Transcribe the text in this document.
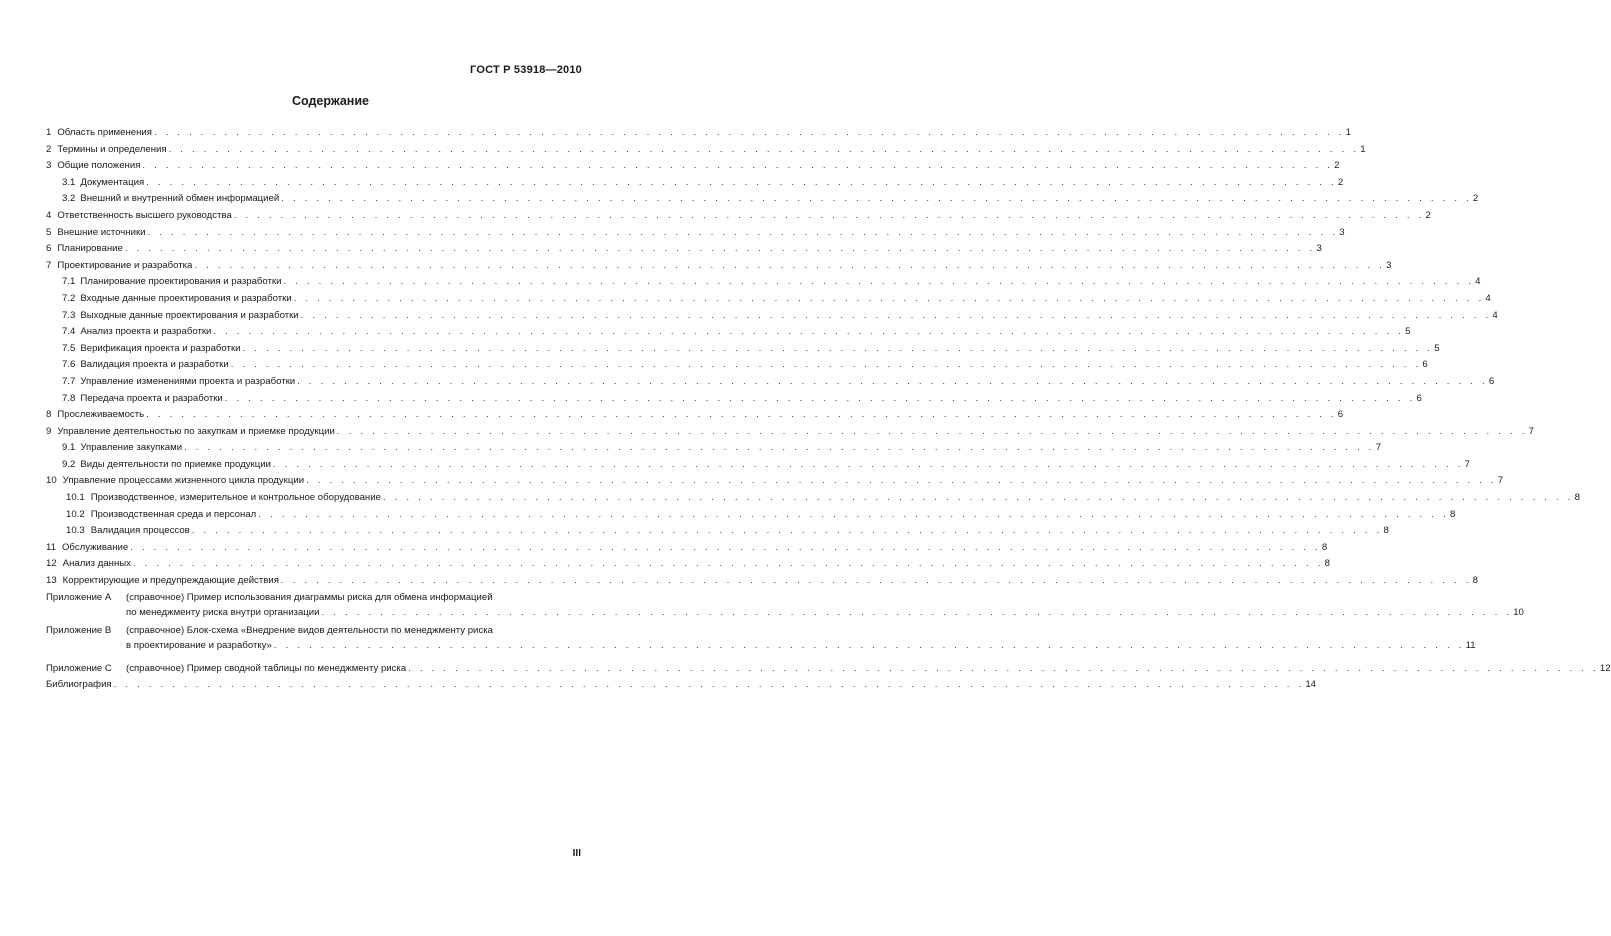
ГОСТ Р 53918—2010
Содержание
1 Область применения . . .	1
2 Термины и определения . . .	1
3 Общие положения . . .	2
3.1 Документация . . .	2
3.2 Внешний и внутренний обмен информацией . . .	2
4 Ответственность высшего руководства . . .	2
5 Внешние источники . . .	3
6 Планирование . . .	3
7 Проектирование и разработка . . .	3
7.1 Планирование проектирования и разработки . . .	4
7.2 Входные данные проектирования и разработки . . .	4
7.3 Выходные данные проектирования и разработки . . .	4
7.4 Анализ проекта и разработки . . .	5
7.5 Верификация проекта и разработки . . .	5
7.6 Валидация проекта и разработки . . .	6
7.7 Управление изменениями проекта и разработки . . .	6
7.8 Передача проекта и разработки . . .	6
8 Прослеживаемость . . .	6
9 Управление деятельностью по закупкам и приемке продукции . . .	7
9.1 Управление закупками . . .	7
9.2 Виды деятельности по приемке продукции . . .	7
10 Управление процессами жизненного цикла продукции . . .	7
10.1 Производственное, измерительное и контрольное оборудование . . .	8
10.2 Производственная среда и персонал . . .	8
10.3 Валидация процессов . . .	8
11 Обслуживание . . .	8
12 Анализ данных . . .	8
13 Корректирующие и предупреждающие действия . . .	8
Приложение А	(справочное) Пример использования диаграммы риска для обмена информацией
по менеджменту риска внутри организации . . .	10
Приложение В	(справочное) Блок-схема «Внедрение видов деятельности по менеджменту риска
в проектирование и разработку» . . .	11
Приложение С	(справочное) Пример сводной таблицы по менеджменту риска . . .	12
Библиография . . .	14
III
